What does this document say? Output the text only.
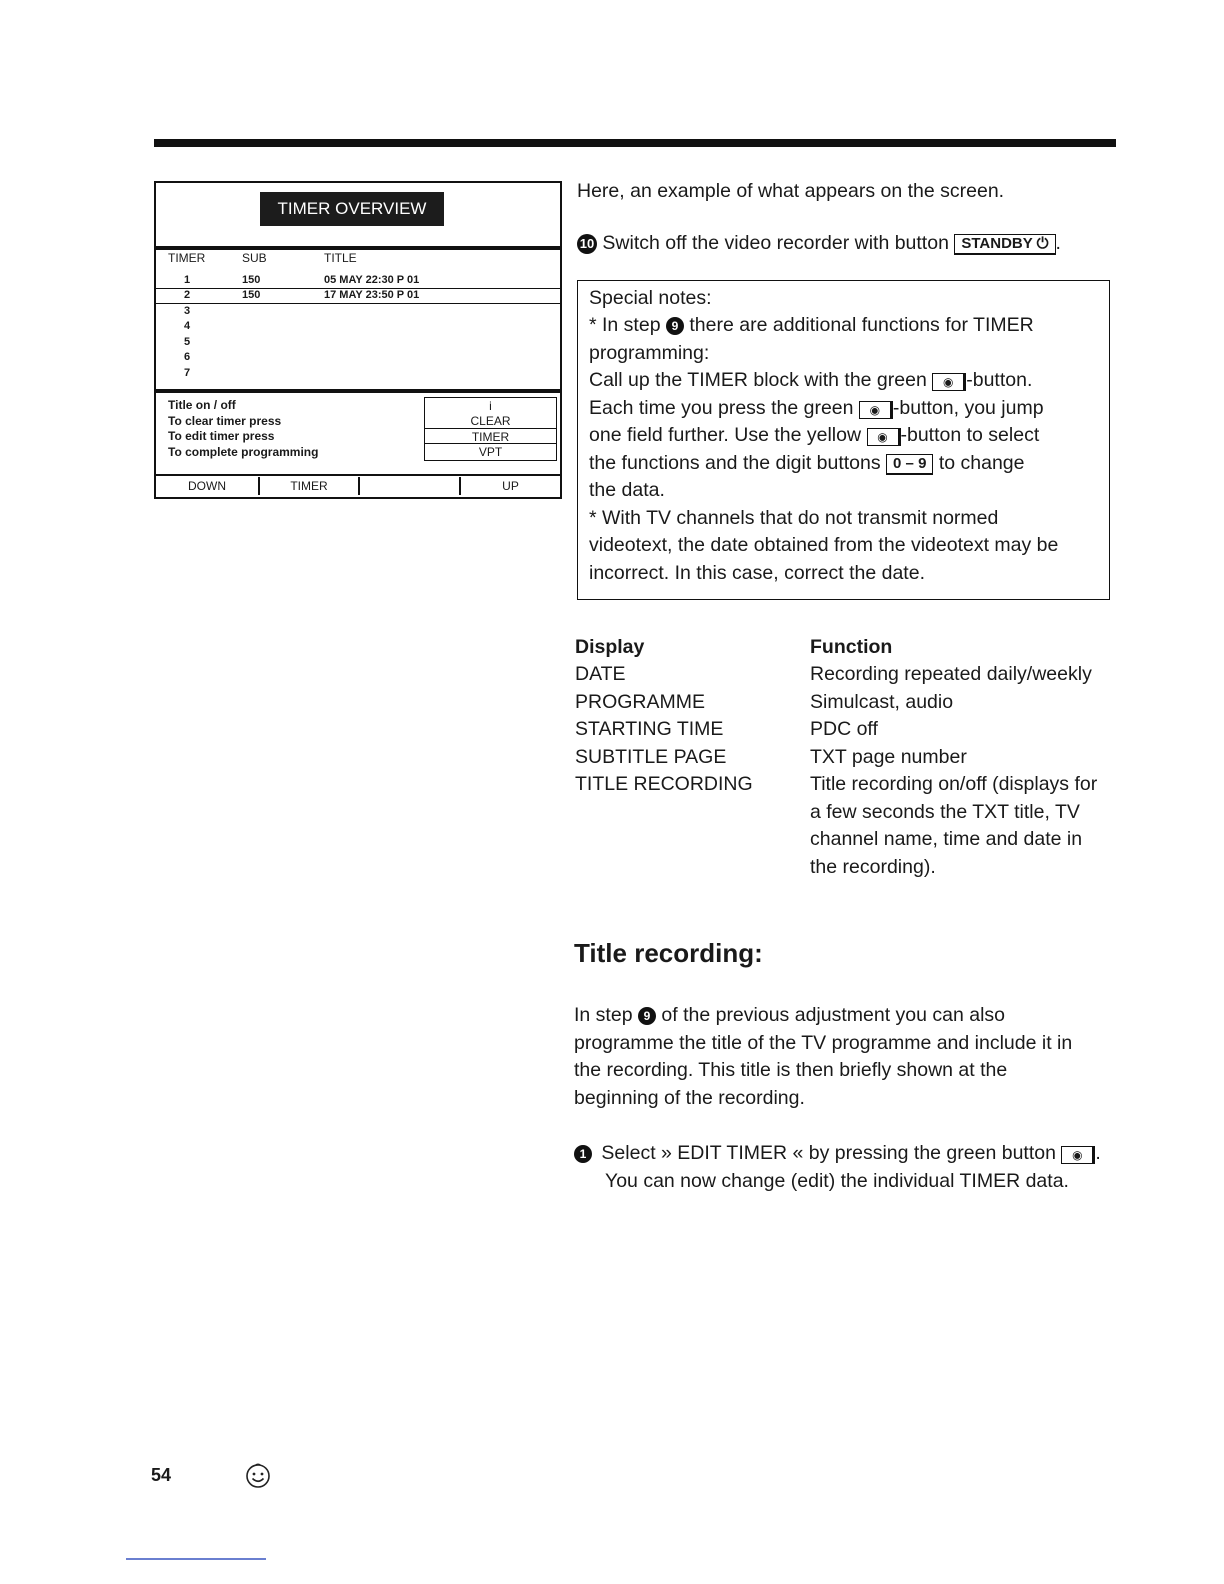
TIMER OVERVIEW
TIMER	SUB	TITLE
1	150	05 MAY 22:30 P 01
2	150	17 MAY 23:50 P 01
3
4
5
6
7
Title on / off
To clear timer press
To edit timer press
To complete programming
i
CLEAR
TIMER
VPT
DOWN	TIMER	UP
Here, an example of what appears on the screen.
10 Switch off the video recorder with button STANDBY ⏻ .
Special notes:
* In step 9 there are additional functions for TIMER
programming:
Call up the TIMER block with the green ◉ -button.
Each time you press the green ◉ -button, you jump
one field further. Use the yellow ◉ -button to select
the functions and the digit buttons 0 – 9 to change
the data.
* With TV channels that do not transmit normed
videotext, the date obtained from the videotext may be
incorrect. In this case, correct the date.
Display	Function
DATE	Recording repeated daily/weekly
PROGRAMME	Simulcast, audio
STARTING TIME	PDC off
SUBTITLE PAGE	TXT page number
TITLE RECORDING	Title recording on/off (displays for
a few seconds the TXT title, TV
channel name, time and date in
the recording).
Title recording:
In step 9 of the previous adjustment you can also
programme the title of the TV programme and include it in
the recording. This title is then briefly shown at the
beginning of the recording.
1 Select » EDIT TIMER « by pressing the green button ◉ .
You can now change (edit) the individual TIMER data.
54
